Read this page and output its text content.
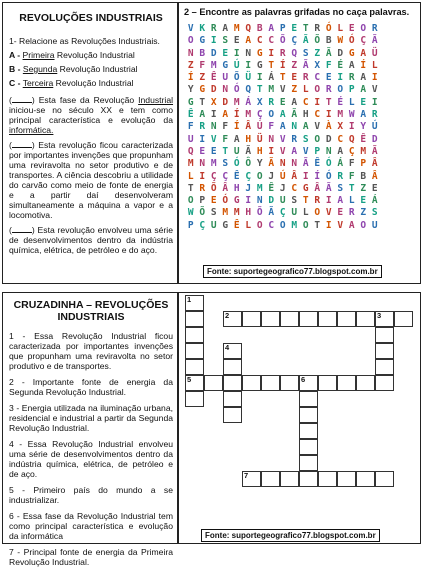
REVOLUÇÕES INDUSTRIAIS
1- Relacione as Revoluções Industriais.
A - Primeira Revolução Industrial
B - Segunda Revolução Industrial
C - Terceira Revolução Industrial
( ) Esta fase da Revolução Industrial iniciou-se no século XX e tem como principal característica e evolução da informática.
( ) Esta revolução ficou caracterizada por importantes invenções que propunham uma reviravolta no setor produtivo e de transportes. A ciência descobriu a utilidade do carvão como meio de fonte de energia e a partir daí desenvolveram simultaneamente a máquina a vapor e a locomotiva.
( ) Esta revolução envolveu uma série de desenvolvimentos dentro da indústria química, elétrica, de petróleo e do aço.
2 – Encontre as palavras grifadas no caça palavras.
V K R A M Q B A P E T R Ó L E O R
O G I S E A C C Õ Ç Ã Õ B W Ó Ç Ã
N B D E I N G I R Q S Z Ã D G A Ü
Z F M G Ú I G T Í Z Ã X F É A Í L
Í Z Ê U Õ Ü I Á T E R C E I R A I
Y G D N Ó Q T M V Z L O R O P A V
G T X D M Á X R E A C I T É L E I
Ê A I A Í M Ç O A Ã H C I M W A R
F R N F Í Â Ú F A N A V À X I Y Ú
U I V F A H Ü N V R S O D C Q Ê D
Q E E T U Ã H I V A V P N A Ç M Ã
M N M S Ó Ô Y Ã N N Ã Ê Ó Á F P Â
L I Ç Ç Ê Ç O J Ú Â I Í Ó R F B Â
T R Õ Â H J M Ê J C G Â Ã S T Z E
O P E Ó G I N D U S T R I A L E Á
W Õ S M M H Õ Ã Ç U L O V E R Z S
P Ç U G Ê L O C O M O T I V A O U
Fonte: suportegeografico77.blogspot.com.br
CRUZADINHA – REVOLUÇÕES INDUSTRIAIS
1 - Essa Revolução Industrial ficou caracterizada por importantes invenções que propunham uma reviravolta no setor produtivo e de transportes.
2 - Importante fonte de energia da Segunda Revolução Industrial.
3 - Energia utilizada na iluminação urbana, residencial e industrial a partir da Segunda Revolução Industrial.
4 - Essa Revolução Industrial envolveu uma série de desenvolvimentos dentro da indústria química, elétrica, de petróleo e de aço.
5 - Primeiro país do mundo a se industrializar.
6 - Essa fase da Revolução Industrial tem como principal característica e evolução da informática
7 - Principal fonte de energia da Primeira Revolução Industrial.
1
2	3
4
5	6
7
Fonte: suportegeografico77.blogspot.com.br
